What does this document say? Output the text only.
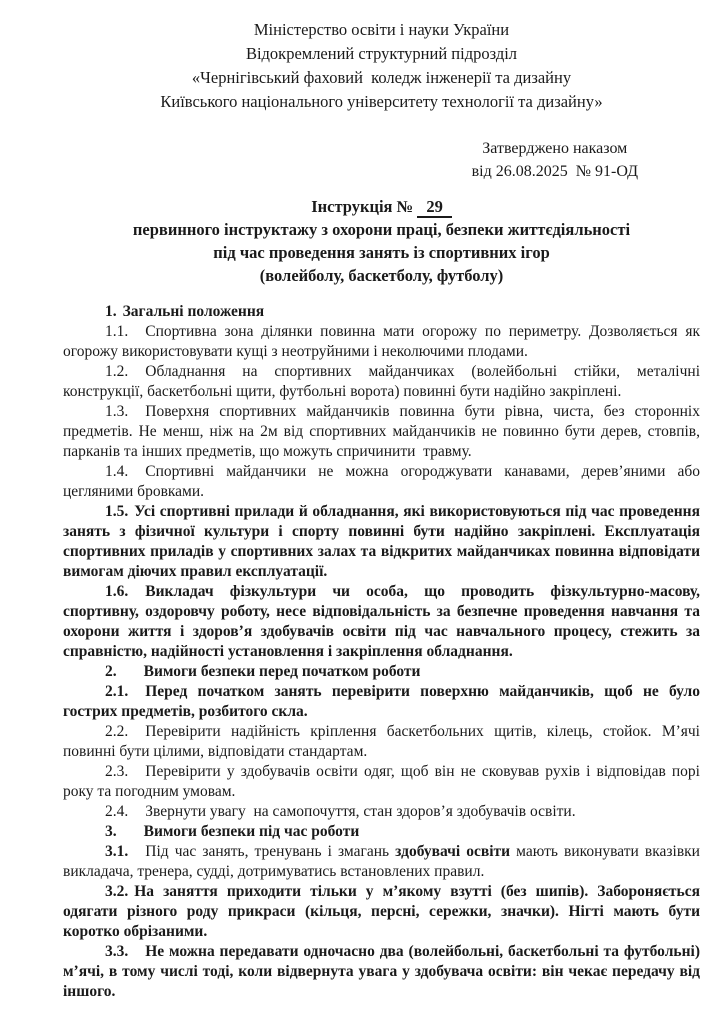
Міністерство освіти і науки України
Відокремлений структурний підрозділ
«Чернігівський фаховий  коледж інженерії та дизайну
Київського національного університету технології та дизайну»
Затверджено наказом
від 26.08.2025  № 91-ОД
Інструкція № 29
первинного інструктажу з охорони праці, безпеки життєдіяльності
під час проведення занять із спортивних ігор
(волейболу, баскетболу, футболу)

1. Загальні положення

1.1. Спортивна зона ділянки повинна мати огорожу по периметру. Дозволяється як огорожу використовувати кущі з неотруйними і неколючими плодами.

1.2. Обладнання на спортивних майданчиках (волейбольні стійки, металічні конструкції, баскетбольні щити, футбольні ворота) повинні бути надійно закріплені.

1.3. Поверхня спортивних майданчиків повинна бути рівна, чиста, без сторонніх предметів. Не менш, ніж на 2м від спортивних майданчиків не повинно бути дерев, стовпів, парканів та інших предметів, що можуть спричинити  травму.

1.4. Спортивні майданчики не можна огороджувати канавами, дерев’яними або цегляними бровками.

1.5. Усі спортивні прилади й обладнання, які використовуються під час проведення занять з фізичної культури і спорту повинні бути надійно закріплені. Експлуатація спортивних приладів у спортивних залах та відкритих майданчиках повинна відповідати вимогам діючих правил експлуатації.

1.6. Викладач фізкультури чи особа, що проводить фізкультурно-масову, спортивну, оздоровчу роботу, несе відповідальність за безпечне проведення навчання та охорони життя і здоров’я здобувачів освіти під час навчального процесу, стежить за справністю, надійності установлення і закріплення обладнання.

2. Вимоги безпеки перед початком роботи

2.1. Перед початком занять перевірити поверхню майданчиків, щоб не було гострих предметів, розбитого скла.

2.2. Перевірити надійність кріплення баскетбольних щитів, кілець, стойок. М’ячі повинні бути цілими, відповідати стандартам.

2.3. Перевірити у здобувачів освіти одяг, щоб він не сковував рухів і відповідав порі року та погодним умовам.

2.4. Звернути увагу  на самопочуття, стан здоров’я здобувачів освіти.

3. Вимоги безпеки під час роботи

3.1. Під час занять, тренувань і змагань здобувачі освіти мають виконувати вказівки викладача, тренера, судді, дотримуватись встановлених правил.

3.2. На заняття приходити тільки у м’якому взутті (без шипів). Забороняється одягати різного роду прикраси (кільця, персні, сережки, значки). Нігті мають бути коротко обрізаними.

3.3. Не можна передавати одночасно два (волейбольні, баскетбольні та футбольні) м’ячі, в тому числі тоді, коли відвернута увага у здобувача освіти: він чекає передачу від іншого.
